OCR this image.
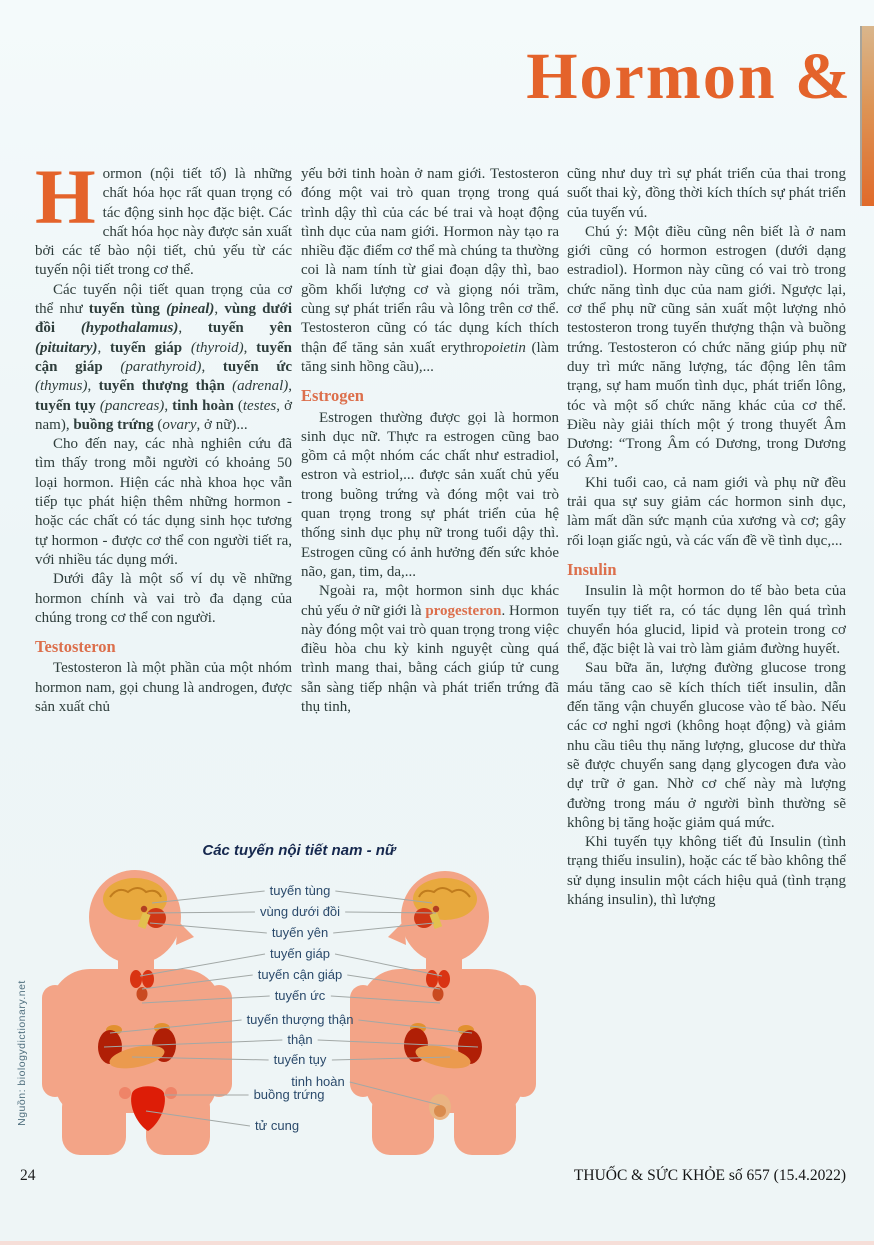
Hormon &

Hormon (nội tiết tố) là những chất hóa học rất quan trọng có tác động sinh học đặc biệt. Các chất hóa học này được sản xuất bởi các tế bào nội tiết, chủ yếu từ các tuyến nội tiết trong cơ thể.

Các tuyến nội tiết quan trọng của cơ thể như tuyến tùng (pineal), vùng dưới đồi (hypothalamus), tuyến yên (pituitary), tuyến giáp (thyroid), tuyến cận giáp (parathyroid), tuyến ức (thymus), tuyến thượng thận (adrenal), tuyến tụy (pancreas), tinh hoàn (testes, ở nam), buồng trứng (ovary, ở nữ)...

Cho đến nay, các nhà nghiên cứu đã tìm thấy trong mỗi người có khoảng 50 loại hormon. Hiện các nhà khoa học vẫn tiếp tục phát hiện thêm những hormon - hoặc các chất có tác dụng sinh học tương tự hormon - được cơ thể con người tiết ra, với nhiều tác dụng mới.

Dưới đây là một số ví dụ về những hormon chính và vai trò đa dạng của chúng trong cơ thể con người.

Testosteron

Testosteron là một phần của một nhóm hormon nam, gọi chung là androgen, được sản xuất chủ

yếu bởi tinh hoàn ở nam giới. Testosteron đóng một vai trò quan trọng trong quá trình dậy thì của các bé trai và hoạt động tình dục của nam giới. Hormon này tạo ra nhiều đặc điểm cơ thể mà chúng ta thường coi là nam tính từ giai đoạn dậy thì, bao gồm khối lượng cơ và giọng nói trầm, cùng sự phát triển râu và lông trên cơ thể. Testosteron cũng có tác dụng kích thích thận để tăng sản xuất erythropoietin (làm tăng sinh hồng cầu),...

Estrogen

Estrogen thường được gọi là hormon sinh dục nữ. Thực ra estrogen cũng bao gồm cả một nhóm các chất như estradiol, estron và estriol,... được sản xuất chủ yếu trong buồng trứng và đóng một vai trò quan trọng trong sự phát triển của hệ thống sinh dục phụ nữ trong tuổi dậy thì. Estrogen cũng có ảnh hưởng đến sức khỏe não, gan, tim, da,...

Ngoài ra, một hormon sinh dục khác chủ yếu ở nữ giới là progesteron. Hormon này đóng một vai trò quan trọng trong việc điều hòa chu kỳ kinh nguyệt cùng quá trình mang thai, bằng cách giúp tử cung sẵn sàng tiếp nhận và phát triển trứng đã thụ tinh,

cũng như duy trì sự phát triển của thai trong suốt thai kỳ, đồng thời kích thích sự phát triển của tuyến vú.

Chú ý: Một điều cũng nên biết là ở nam giới cũng có hormon estrogen (dưới dạng estradiol). Hormon này cũng có vai trò trong chức năng tình dục của nam giới. Ngược lại, cơ thể phụ nữ cũng sản xuất một lượng nhỏ testosteron trong tuyến thượng thận và buồng trứng. Testosteron có chức năng giúp phụ nữ duy trì mức năng lượng, tác động lên tâm trạng, sự ham muốn tình dục, phát triển lông, tóc và một số chức năng khác của cơ thể. Điều này giải thích một ý trong thuyết Âm Dương: “Trong Âm có Dương, trong Dương có Âm”.

Khi tuổi cao, cả nam giới và phụ nữ đều trải qua sự suy giảm các hormon sinh dục, làm mất dần sức mạnh của xương và cơ; gây rối loạn giấc ngủ, và các vấn đề về tình dục,...

Insulin

Insulin là một hormon do tế bào beta của tuyến tụy tiết ra, có tác dụng lên quá trình chuyển hóa glucid, lipid và protein trong cơ thể, đặc biệt là vai trò làm giảm đường huyết.

Sau bữa ăn, lượng đường glucose trong máu tăng cao sẽ kích thích tiết insulin, dẫn đến tăng vận chuyển glucose vào tế bào. Nếu các cơ nghỉ ngơi (không hoạt động) và giảm nhu cầu tiêu thụ năng lượng, glucose dư thừa sẽ được chuyển sang dạng glycogen đưa vào dự trữ ở gan. Nhờ cơ chế này mà lượng đường trong máu ở người bình thường sẽ không bị tăng hoặc giảm quá mức.

Khi tuyến tụy không tiết đủ Insulin (tình trạng thiếu insulin), hoặc các tế bào không thể sử dụng insulin một cách hiệu quả (tình trạng kháng insulin), thì lượng

Các tuyến nội tiết nam - nữ
tuyến tùng
vùng dưới đồi
tuyến yên
tuyến giáp
tuyến cận giáp
tuyến ức
tuyến thượng thận
thận
tuyến tụy
tinh hoàn
buồng trứng
tử cung
Nguồn: biologydictionary.net
24	THUỐC & SỨC KHỎE số 657 (15.4.2022)
